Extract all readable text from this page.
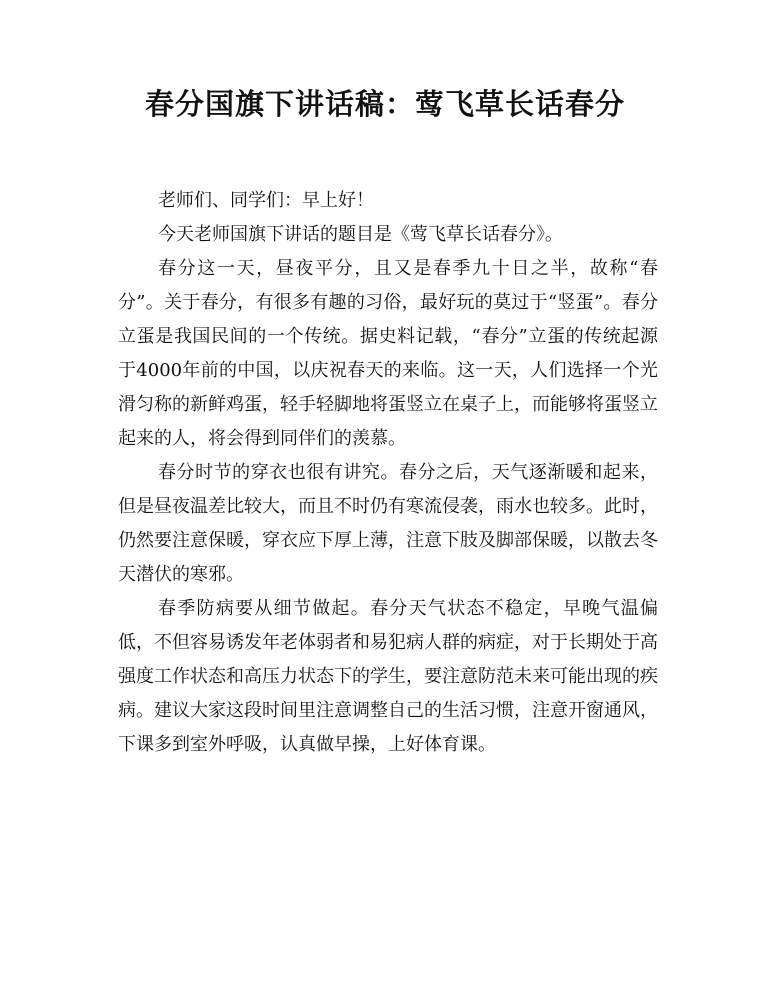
春分国旗下讲话稿：莺飞草长话春分

老师们、同学们：早上好！

今天老师国旗下讲话的题目是《莺飞草长话春分》。

春分这一天，昼夜平分，且又是春季九十日之半，故称“春分”。关于春分，有很多有趣的习俗，最好玩的莫过于“竖蛋”。春分立蛋是我国民间的一个传统。据史料记载，“春分”立蛋的传统起源于4000年前的中国，以庆祝春天的来临。这一天，人们选择一个光滑匀称的新鲜鸡蛋，轻手轻脚地将蛋竖立在桌子上，而能够将蛋竖立起来的人，将会得到同伴们的羡慕。

春分时节的穿衣也很有讲究。春分之后，天气逐渐暖和起来，但是昼夜温差比较大，而且不时仍有寒流侵袭，雨水也较多。此时，仍然要注意保暖，穿衣应下厚上薄，注意下肢及脚部保暖，以散去冬天潜伏的寒邪。

春季防病要从细节做起。春分天气状态不稳定，早晚气温偏低，不但容易诱发年老体弱者和易犯病人群的病症，对于长期处于高强度工作状态和高压力状态下的学生，要注意防范未来可能出现的疾病。建议大家这段时间里注意调整自己的生活习惯，注意开窗通风，下课多到室外呼吸，认真做早操，上好体育课。
